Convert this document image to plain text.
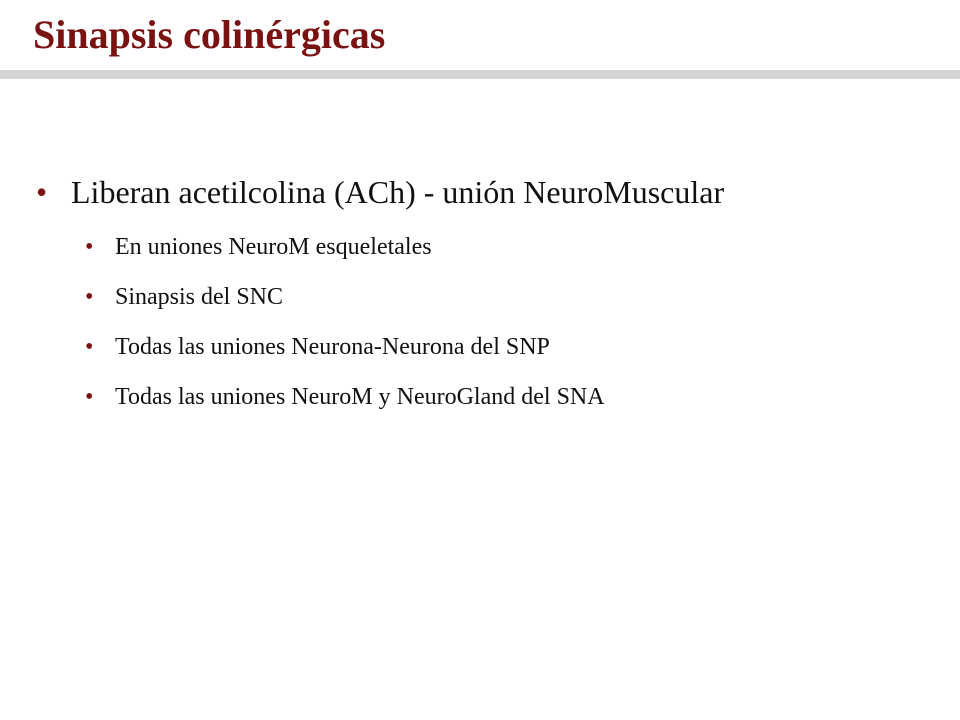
Sinapsis colinérgicas
• Liberan acetilcolina (ACh) - unión NeuroMuscular
• En uniones NeuroM esqueletales
• Sinapsis del SNC
• Todas las uniones Neurona-Neurona del SNP
• Todas las uniones NeuroM y NeuroGland del SNA
